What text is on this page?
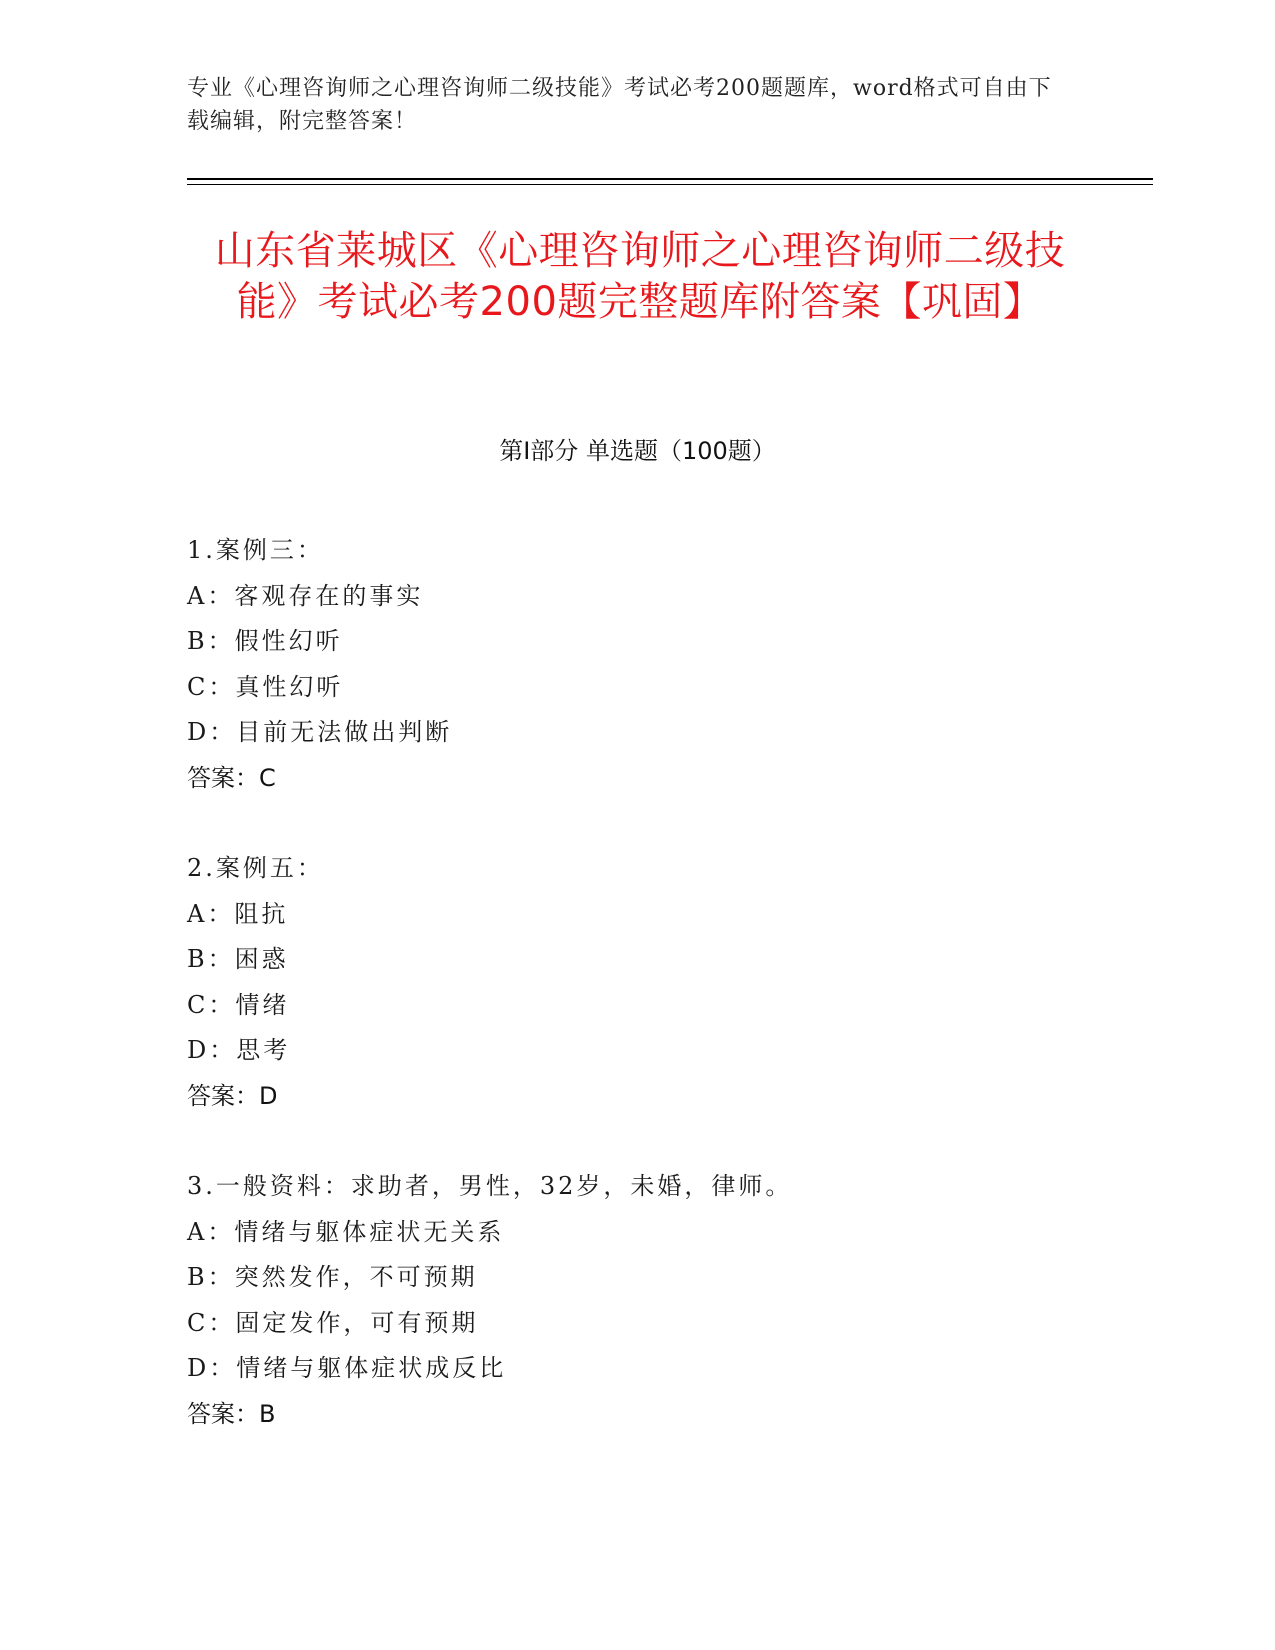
专业《心理咨询师之心理咨询师二级技能》考试必考200题题库，word格式可自由下载编辑，附完整答案！
山东省莱城区《心理咨询师之心理咨询师二级技能》考试必考200题完整题库附答案【巩固】
第Ⅰ部分 单选题（100题）
1.案例三：
A：客观存在的事实
B：假性幻听
C：真性幻听
D：目前无法做出判断
答案：C
2.案例五：
A：阻抗
B：困惑
C：情绪
D：思考
答案：D
3.一般资料：求助者，男性，32岁，未婚，律师。
A：情绪与躯体症状无关系
B：突然发作，不可预期
C：固定发作，可有预期
D：情绪与躯体症状成反比
答案：B
